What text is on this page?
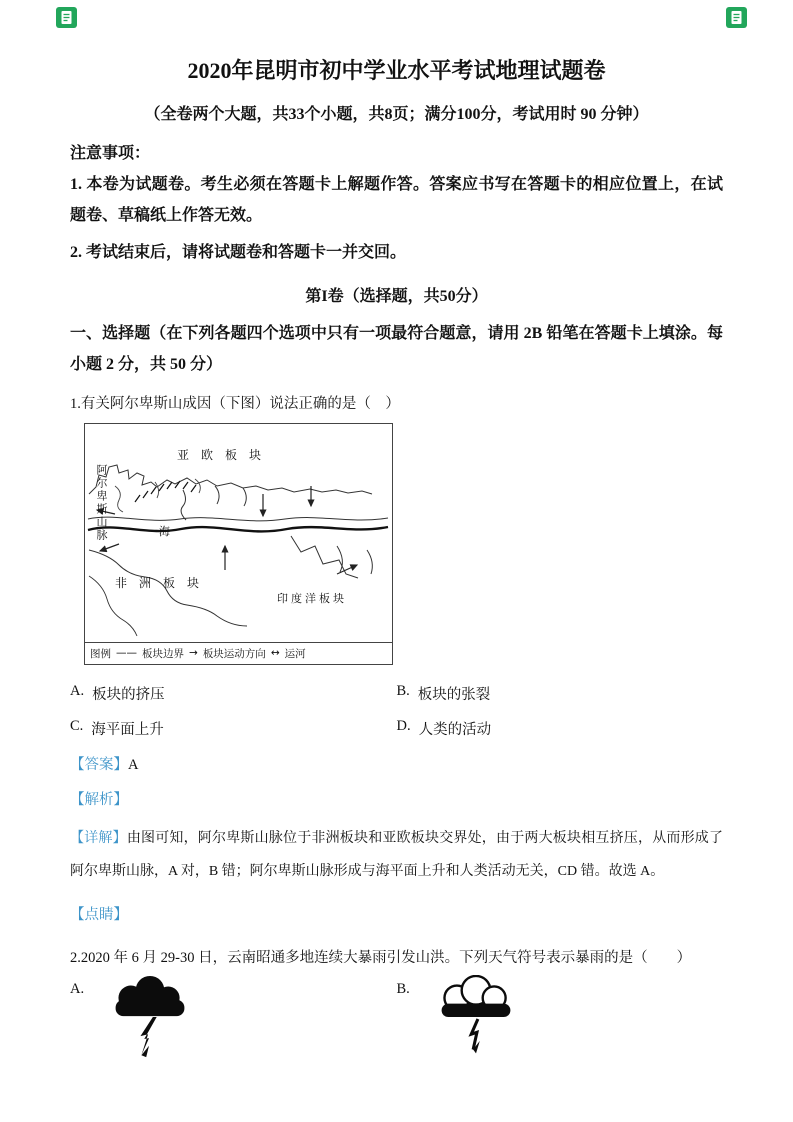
2020年昆明市初中学业水平考试地理试题卷
（全卷两个大题，共33个小题，共8页；满分100分，考试用时 90 分钟）
注意事项：
1. 本卷为试题卷。考生必须在答题卡上解题作答。答案应书写在答题卡的相应位置上，在试题卷、草稿纸上作答无效。
2. 考试结束后，请将试题卷和答题卡一并交回。
第I卷（选择题，共50分）
一、选择题（在下列各题四个选项中只有一项最符合题意，请用 2B 铅笔在答题卡上填涂。每小题 2 分，共 50 分）
1.有关阿尔卑斯山成因（下图）说法正确的是（　）
亚　欧　板　块
阿尔卑斯山脉	海
非　洲　板　块
印度洋板块
图例 —— 板块边界 → 板块运动方向 ↔ 运河
A. 板块的挤压	B. 板块的张裂
C. 海平面上升	D. 人类的活动
【答案】A
【解析】
【详解】由图可知，阿尔卑斯山脉位于非洲板块和亚欧板块交界处，由于两大板块相互挤压，从而形成了阿尔卑斯山脉，A 对，B 错；阿尔卑斯山脉形成与海平面上升和人类活动无关，CD 错。故选 A。
【点睛】
2.2020 年 6 月 29-30 日，云南昭通多地连续大暴雨引发山洪。下列天气符号表示暴雨的是（　　）
A.	B.
